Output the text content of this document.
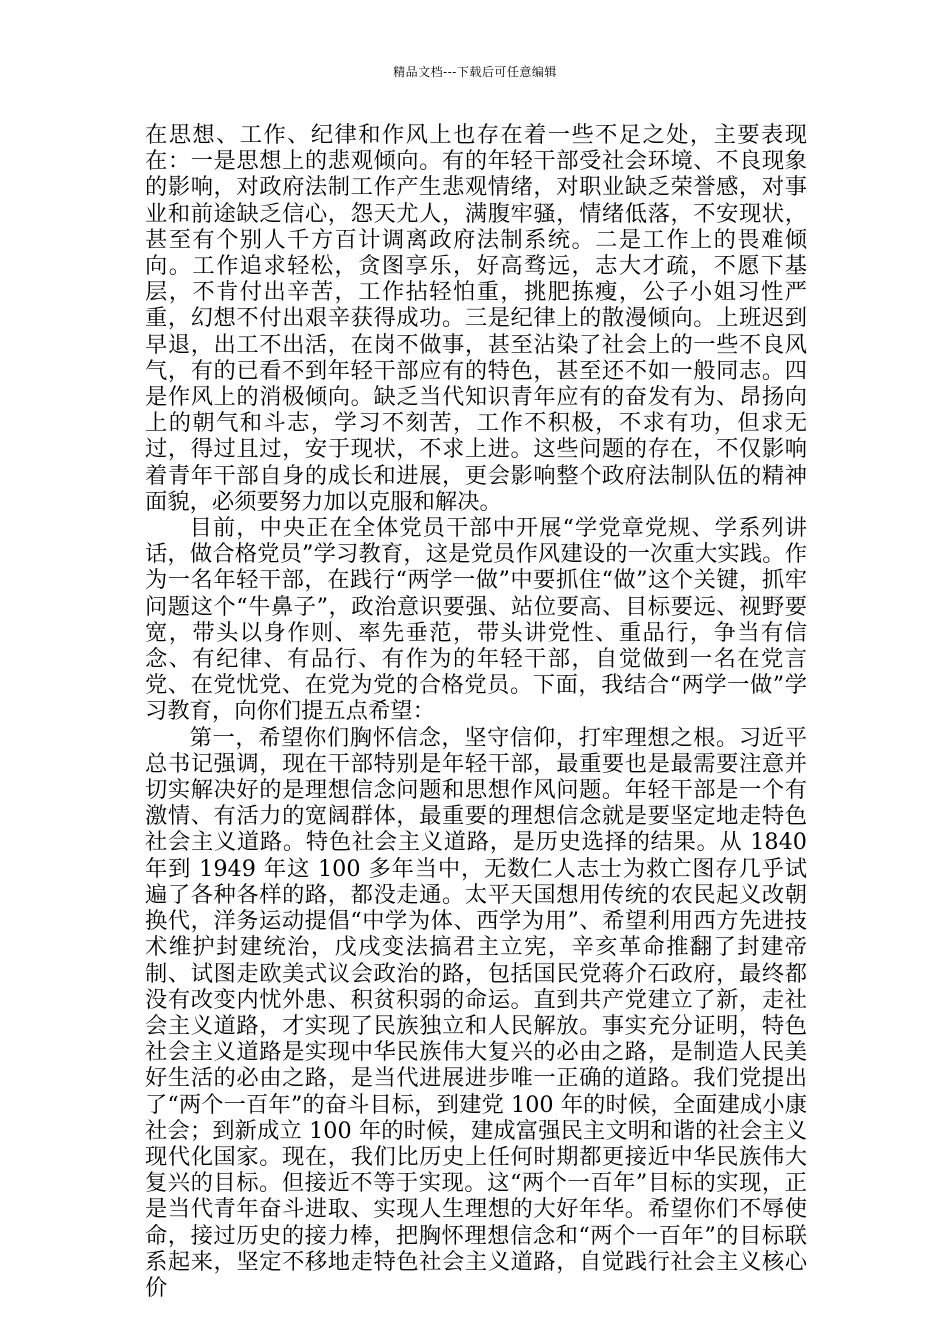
精品文档---下载后可任意编辑

在思想、工作、纪律和作风上也存在着一些不足之处，主要表现在：一是思想上的悲观倾向。有的年轻干部受社会环境、不良现象的影响，对政府法制工作产生悲观情绪，对职业缺乏荣誉感，对事业和前途缺乏信心，怨天尤人，满腹牢骚，情绪低落，不安现状，甚至有个别人千方百计调离政府法制系统。二是工作上的畏难倾向。工作追求轻松，贪图享乐，好高骛远，志大才疏，不愿下基层，不肯付出辛苦，工作拈轻怕重，挑肥拣瘦，公子小姐习性严重，幻想不付出艰辛获得成功。三是纪律上的散漫倾向。上班迟到早退，出工不出活，在岗不做事，甚至沾染了社会上的一些不良风气，有的已看不到年轻干部应有的特色，甚至还不如一般同志。四是作风上的消极倾向。缺乏当代知识青年应有的奋发有为、昂扬向上的朝气和斗志，学习不刻苦，工作不积极，不求有功，但求无过，得过且过，安于现状，不求上进。这些问题的存在，不仅影响着青年干部自身的成长和进展，更会影响整个政府法制队伍的精神面貌，必须要努力加以克服和解决。

目前，中央正在全体党员干部中开展“学党章党规、学系列讲话，做合格党员”学习教育，这是党员作风建设的一次重大实践。作为一名年轻干部，在践行“两学一做”中要抓住“做”这个关键，抓牢问题这个“牛鼻子”，政治意识要强、站位要高、目标要远、视野要宽，带头以身作则、率先垂范，带头讲党性、重品行，争当有信念、有纪律、有品行、有作为的年轻干部，自觉做到一名在党言党、在党忧党、在党为党的合格党员。下面，我结合“两学一做”学习教育，向你们提五点希望：

第一，希望你们胸怀信念，坚守信仰，打牢理想之根。习近平总书记强调，现在干部特别是年轻干部，最重要也是最需要注意并切实解决好的是理想信念问题和思想作风问题。年轻干部是一个有激情、有活力的宽阔群体，最重要的理想信念就是要坚定地走特色社会主义道路。特色社会主义道路，是历史选择的结果。从 1840 年到 1949 年这 100 多年当中，无数仁人志士为救亡图存几乎试遍了各种各样的路，都没走通。太平天国想用传统的农民起义改朝换代，洋务运动提倡“中学为体、西学为用”、希望利用西方先进技术维护封建统治，戊戌变法搞君主立宪，辛亥革命推翻了封建帝制、试图走欧美式议会政治的路，包括国民党蒋介石政府，最终都没有改变内忧外患、积贫积弱的命运。直到共产党建立了新，走社会主义道路，才实现了民族独立和人民解放。事实充分证明，特色社会主义道路是实现中华民族伟大复兴的必由之路，是制造人民美好生活的必由之路，是当代进展进步唯一正确的道路。我们党提出了“两个一百年”的奋斗目标，到建党 100 年的时候，全面建成小康社会；到新成立 100 年的时候，建成富强民主文明和谐的社会主义现代化国家。现在，我们比历史上任何时期都更接近中华民族伟大复兴的目标。但接近不等于实现。这“两个一百年”目标的实现，正是当代青年奋斗进取、实现人生理想的大好年华。希望你们不辱使命，接过历史的接力棒，把胸怀理想信念和“两个一百年”的目标联系起来，坚定不移地走特色社会主义道路，自觉践行社会主义核心价
